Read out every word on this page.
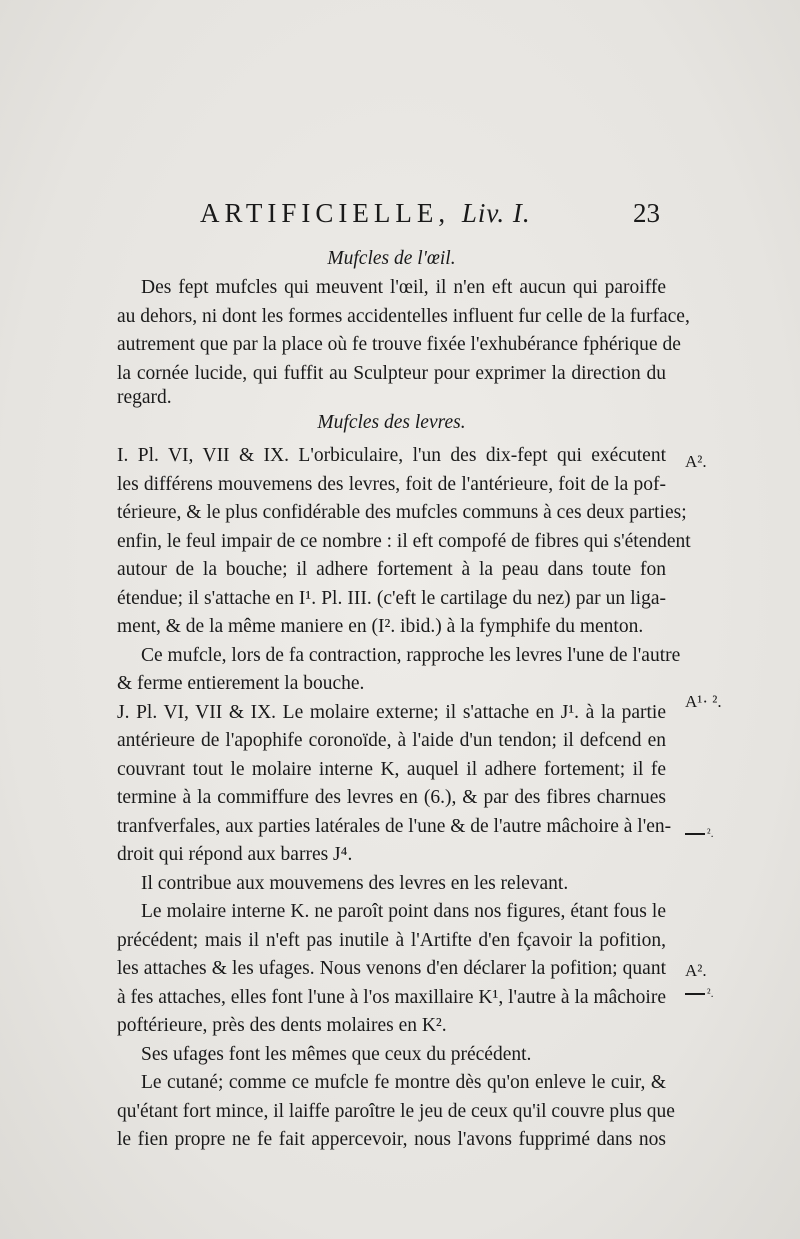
ARTIFICIELLE, Liv. I.	23
Mufcles de l'œil.
Des fept mufcles qui meuvent l'œil, il n'en eft aucun qui paroiffe
au dehors, ni dont les formes accidentelles influent fur celle de la furface,
autrement que par la place où fe trouve fixée l'exhubérance fphérique de
la cornée lucide, qui fuffit au Sculpteur pour exprimer la direction du
regard.
Mufcles des levres.
I. Pl. VI, VII & IX. L'orbiculaire, l'un des dix-fept qui exécutent
les différens mouvemens des levres, foit de l'antérieure, foit de la pof-
térieure, & le plus confidérable des mufcles communs à ces deux parties;
enfin, le feul impair de ce nombre : il eft compofé de fibres qui s'étendent
autour de la bouche; il adhere fortement à la peau dans toute fon
étendue; il s'attache en I¹. Pl. III. (c'eft le cartilage du nez) par un liga-
ment, & de la même maniere en (I². ibid.) à la fymphife du menton.
Ce mufcle, lors de fa contraction, rapproche les levres l'une de l'autre
& ferme entierement la bouche.
J. Pl. VI, VII & IX. Le molaire externe; il s'attache en J¹. à la partie
antérieure de l'apophife coronoïde, à l'aide d'un tendon; il defcend en
couvrant tout le molaire interne K, auquel il adhere fortement; il fe
termine à la commiffure des levres en (6.), & par des fibres charnues
tranfverfales, aux parties latérales de l'une & de l'autre mâchoire à l'en-
droit qui répond aux barres J⁴.
Il contribue aux mouvemens des levres en les relevant.
Le molaire interne K. ne paroît point dans nos figures, étant fous le
précédent; mais il n'eft pas inutile à l'Artifte d'en fçavoir la pofition,
les attaches & les ufages. Nous venons d'en déclarer la pofition; quant
à fes attaches, elles font l'une à l'os maxillaire K¹, l'autre à la mâchoire
poftérieure, près des dents molaires en K².
Ses ufages font les mêmes que ceux du précédent.
Le cutané; comme ce mufcle fe montre dès qu'on enleve le cuir, &
qu'étant fort mince, il laiffe paroître le jeu de ceux qu'il couvre plus que
le fien propre ne fe fait appercevoir, nous l'avons fupprimé dans nos
A².
A¹· ².
².
A².
².
